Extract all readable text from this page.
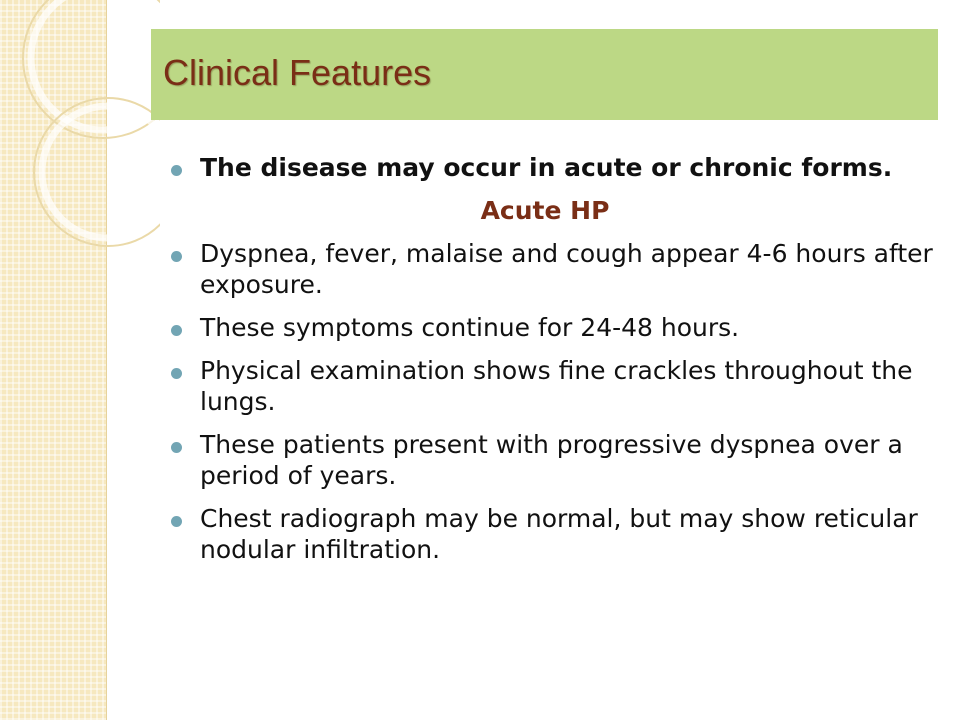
Clinical Features
The disease may occur in acute or chronic forms.
Acute HP
Dyspnea, fever, malaise and cough appear 4-6 hours after exposure.
These symptoms continue for 24-48 hours.
Physical examination shows fine crackles throughout the lungs.
These patients present with progressive dyspnea over a period of years.
Chest radiograph may be normal, but may show reticular nodular infiltration.
